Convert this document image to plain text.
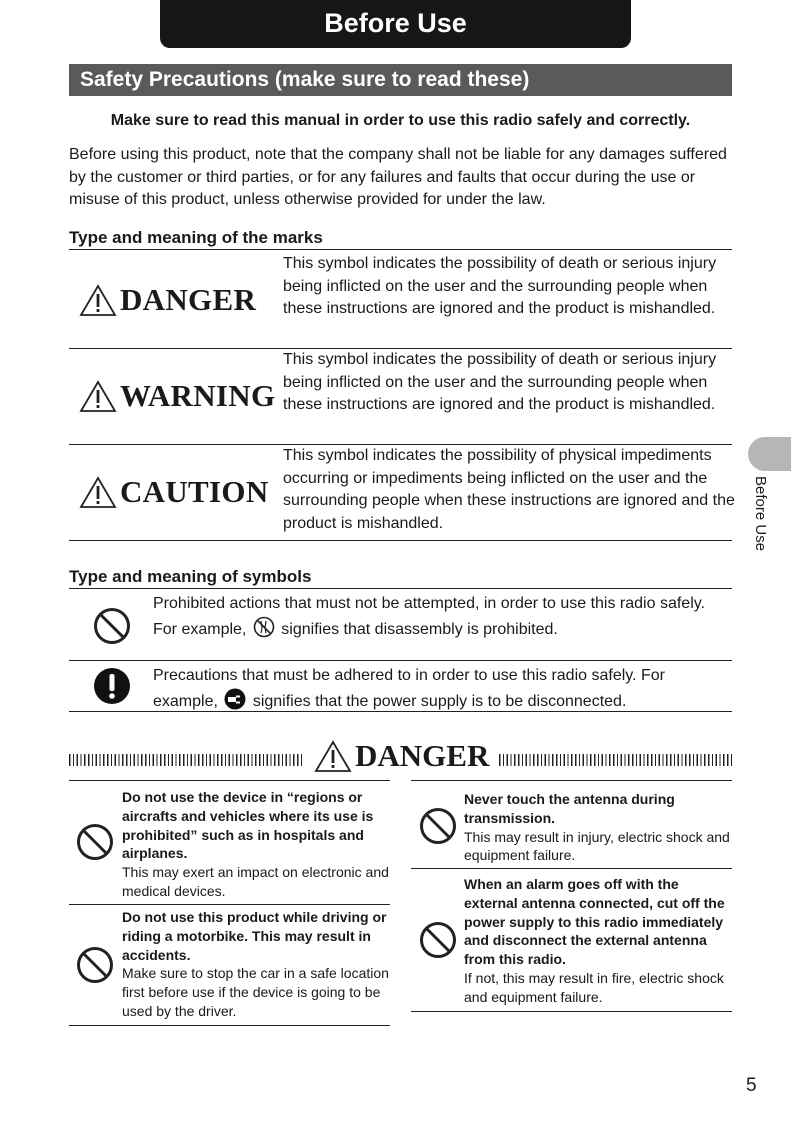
Before Use
Safety Precautions (make sure to read these)
Make sure to read this manual in order to use this radio safely and correctly.
Before using this product, note that the company shall not be liable for any damages suffered by the customer or third parties, or for any failures and faults that occur during the use or misuse of this product, unless otherwise provided for under the law.
Type and meaning of the marks
DANGER
This symbol indicates the possibility of death or serious injury being inflicted on the user and the surrounding people when these instructions are ignored and the product is mishandled.
WARNING
This symbol indicates the possibility of death or serious injury being inflicted on the user and the surrounding people when these instructions are ignored and the product is mishandled.
CAUTION
This symbol indicates the possibility of physical impediments occurring or impediments being inflicted on the user and the surrounding people when these instructions are ignored and the product is mishandled.
Type and meaning of symbols
Prohibited actions that must not be attempted, in order to use this radio safely.
For example, signifies that disassembly is prohibited.
Precautions that must be adhered to in order to use this radio safely. For example, signifies that the power supply is to be disconnected.
DANGER
Do not use the device in “regions or aircrafts and vehicles where its use is prohibited” such as in hospitals and airplanes.
This may exert an impact on electronic and medical devices.
Do not use this product while driving or riding a motorbike. This may result in accidents.
Make sure to stop the car in a safe location first before use if the device is going to be used by the driver.
Never touch the antenna during transmission.
This may result in injury, electric shock and equipment failure.
When an alarm goes off with the external antenna connected, cut off the power supply to this radio immediately and disconnect the external antenna from this radio.
If not, this may result in fire, electric shock and equipment failure.
Before Use
5
